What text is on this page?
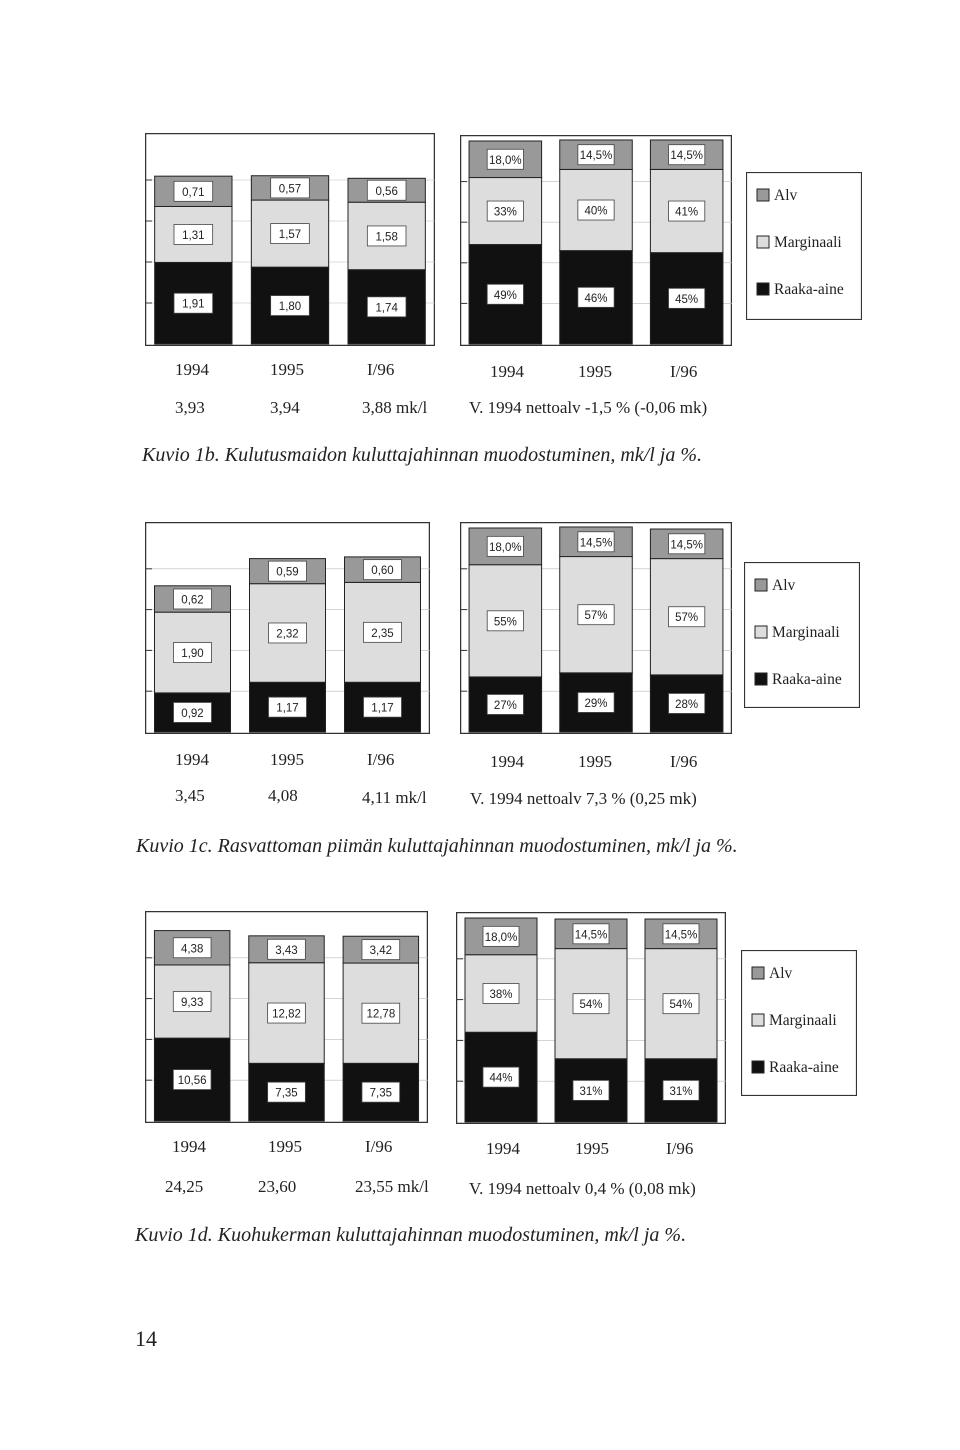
1,91
1,31
0,71
1,80
1,57
0,57
1,74
1,58
0,56
49%
33%
18,0%
46%
40%
14,5%
45%
41%
14,5%
Alv
Marginaali
Raaka-aine
1994	1995	I/96	1994	1995	I/96
3,93	3,94	3,88 mk/l V. 1994 nettoalv -1,5 % (-0,06 mk)
Kuvio 1b. Kulutusmaidon kuluttajahinnan muodostuminen, mk/l ja %.
0,92
1,90
0,62
1,17
2,32
0,59
1,17
2,35
0,60
27%
55%
18,0%
29%
57%
14,5%
28%
57%
14,5%
Alv
Marginaali
Raaka-aine
1994	1995	I/96	1994	1995	I/96
3,45	4,08	4,11 mk/l	V. 1994 nettoalv 7,3 % (0,25 mk)
Kuvio 1c. Rasvattoman piimän kuluttajahinnan muodostuminen, mk/l ja %.
10,56
9,33
4,38
7,35
12,82
3,43
7,35
12,78
3,42
44%
38%
18,0%
31%
54%
14,5%
31%
54%
14,5%
Alv
Marginaali
Raaka-aine
1994	1995	I/96	1994	1995	I/96
24,25	23,60	23,55 mk/l V. 1994 nettoalv 0,4 % (0,08 mk)
Kuvio 1d. Kuohukerman kuluttajahinnan muodostuminen, mk/l ja %.
14
